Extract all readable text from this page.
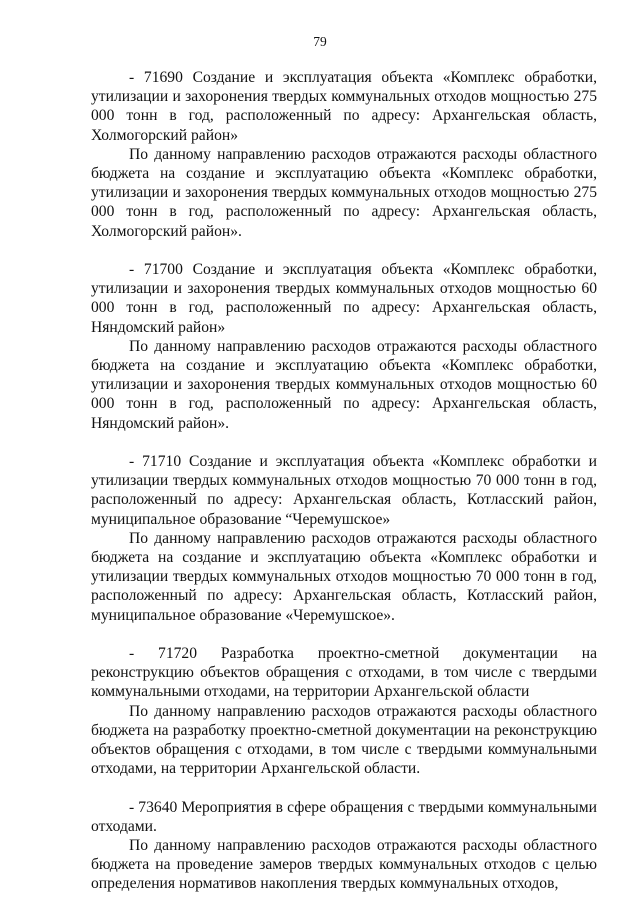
79

- 71690 Создание и эксплуатация объекта «Комплекс обработки, утилизации и захоронения твердых коммунальных отходов мощностью 275 000 тонн в год, расположенный по адресу: Архангельская область, Холмогорский район»

По данному направлению расходов отражаются расходы областного бюджета на создание и эксплуатацию объекта «Комплекс обработки, утилизации и захоронения твердых коммунальных отходов мощностью 275 000 тонн в год, расположенный по адресу: Архангельская область, Холмогорский район».

- 71700 Создание и эксплуатация объекта «Комплекс обработки, утилизации и захоронения твердых коммунальных отходов мощностью 60 000 тонн в год, расположенный по адресу: Архангельская область, Няндомский район»

По данному направлению расходов отражаются расходы областного бюджета на создание и эксплуатацию объекта «Комплекс обработки, утилизации и захоронения твердых коммунальных отходов мощностью 60 000 тонн в год, расположенный по адресу: Архангельская область, Няндомский район».

- 71710 Создание и эксплуатация объекта «Комплекс обработки и утилизации твердых коммунальных отходов мощностью 70 000 тонн в год, расположенный по адресу: Архангельская область, Котласский район, муниципальное образование “Черемушское»

По данному направлению расходов отражаются расходы областного бюджета на создание и эксплуатацию объекта «Комплекс обработки и утилизации твердых коммунальных отходов мощностью 70 000 тонн в год, расположенный по адресу: Архангельская область, Котласский район, муниципальное образование «Черемушское».

- 71720 Разработка проектно-сметной документации на реконструкцию объектов обращения с отходами, в том числе с твердыми коммунальными отходами, на территории Архангельской области

По данному направлению расходов отражаются расходы областного бюджета на разработку проектно-сметной документации на реконструкцию объектов обращения с отходами, в том числе с твердыми коммунальными отходами, на территории Архангельской области.

- 73640 Мероприятия в сфере обращения с твердыми коммунальными отходами.

По данному направлению расходов отражаются расходы областного бюджета на проведение замеров твердых коммунальных отходов с целью определения нормативов накопления твердых коммунальных отходов,
